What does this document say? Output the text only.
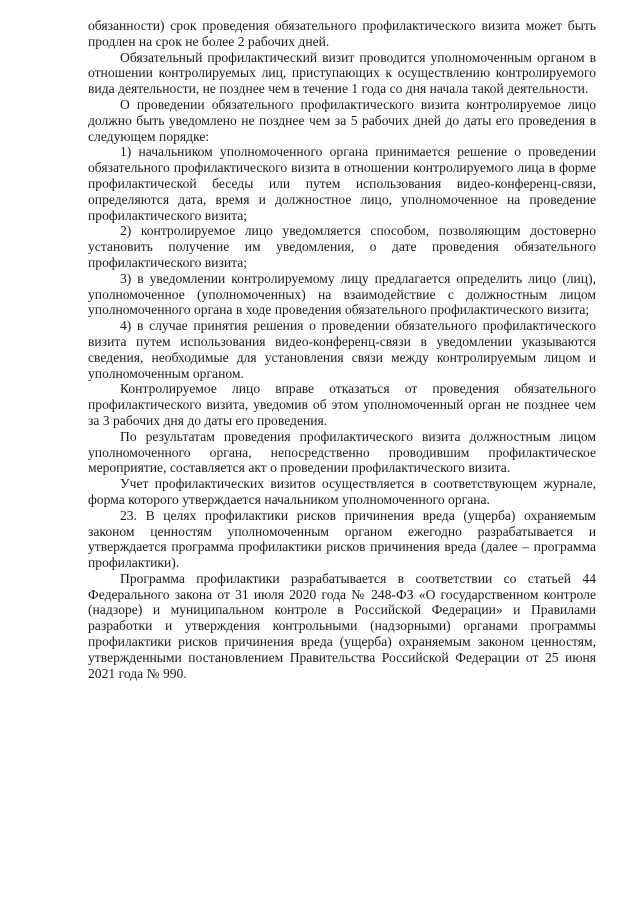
обязанности) срок проведения обязательного профилактического визита может быть продлен на срок не более 2 рабочих дней.

Обязательный профилактический визит проводится уполномоченным органом в отношении контролируемых лиц, приступающих к осуществлению контролируемого вида деятельности, не позднее чем в течение 1 года со дня начала такой деятельности.

О проведении обязательного профилактического визита контролируемое лицо должно быть уведомлено не позднее чем за 5 рабочих дней до даты его проведения в следующем порядке:

1) начальником уполномоченного органа принимается решение о проведении обязательного профилактического визита в отношении контролируемого лица в форме профилактической беседы или путем использования видео-конференц-связи, определяются дата, время и должностное лицо, уполномоченное на проведение профилактического визита;

2) контролируемое лицо уведомляется способом, позволяющим достоверно установить получение им уведомления, о дате проведения обязательного профилактического визита;

3) в уведомлении контролируемому лицу предлагается определить лицо (лиц), уполномоченное (уполномоченных) на взаимодействие с должностным лицом уполномоченного органа в ходе проведения обязательного профилактического визита;

4) в случае принятия решения о проведении обязательного профилактического визита путем использования видео-конференц-связи в уведомлении указываются сведения, необходимые для установления связи между контролируемым лицом и уполномоченным органом.

Контролируемое лицо вправе отказаться от проведения обязательного профилактического визита, уведомив об этом уполномоченный орган не позднее чем за 3 рабочих дня до даты его проведения.

По результатам проведения профилактического визита должностным лицом уполномоченного органа, непосредственно проводившим профилактическое мероприятие, составляется акт о проведении профилактического визита.

Учет профилактических визитов осуществляется в соответствующем журнале, форма которого утверждается начальником уполномоченного органа.

23. В целях профилактики рисков причинения вреда (ущерба) охраняемым законом ценностям уполномоченным органом ежегодно разрабатывается и утверждается программа профилактики рисков причинения вреда (далее – программа профилактики).

Программа профилактики разрабатывается в соответствии со статьей 44 Федерального закона от 31 июля 2020 года № 248-ФЗ «О государственном контроле (надзоре) и муниципальном контроле в Российской Федерации» и Правилами разработки и утверждения контрольными (надзорными) органами программы профилактики рисков причинения вреда (ущерба) охраняемым законом ценностям, утвержденными постановлением Правительства Российской Федерации от 25 июня 2021 года № 990.
